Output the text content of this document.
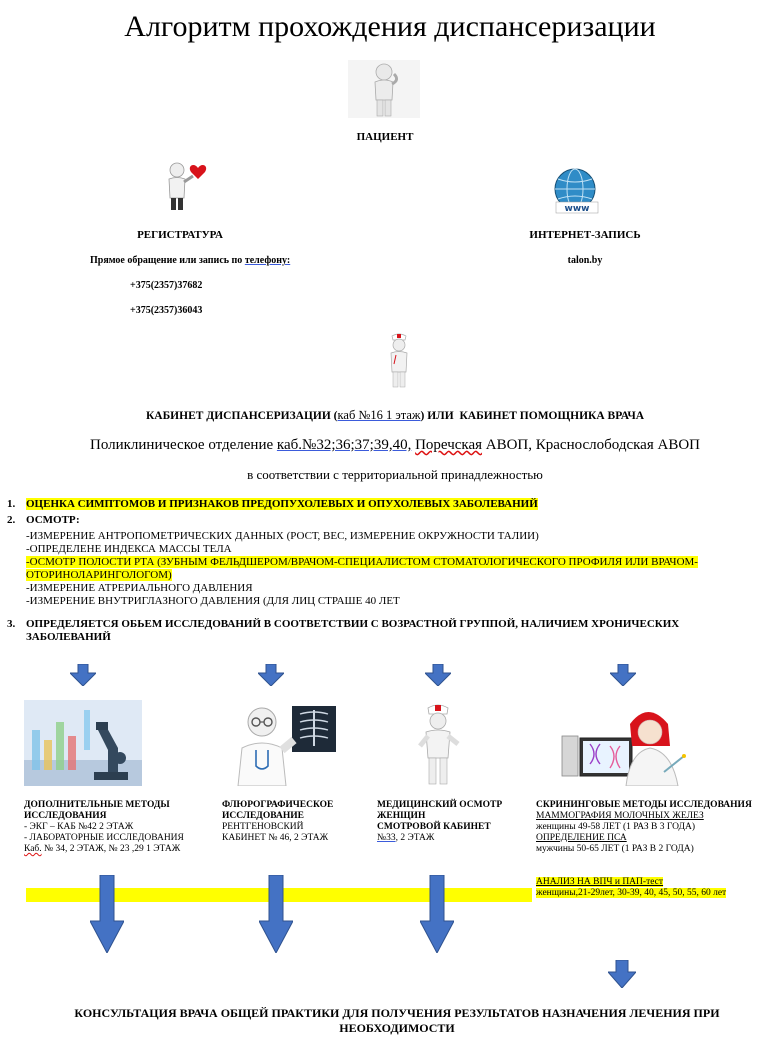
Алгоритм прохождения диспансеризации
ПАЦИЕНТ
www
РЕГИСТРАТУРА	ИНТЕРНЕТ-ЗАПИСЬ
Прямое обращение или запись по телефону:	talon.by
+375(2357)37682
+375(2357)36043
КАБИНЕТ ДИСПАНСЕРИЗАЦИИ (каб №16 1 этаж) ИЛИ КАБИНЕТ ПОМОЩНИКА ВРАЧА
Поликлиническое отделение каб.№32;36;37;39,40, Поречская АВОП, Краснослободская АВОП
в соответствии с территориальной принадлежностью
1. ОЦЕНКА СИМПТОМОВ И ПРИЗНАКОВ ПРЕДОПУХОЛЕВЫХ И ОПУХОЛЕВЫХ ЗАБОЛЕВАНИЙ
2. ОСМОТР:
-ИЗМЕРЕНИЕ АНТРОПОМЕТРИЧЕСКИХ ДАННЫХ (РОСТ, ВЕС, ИЗМЕРЕНИЕ ОКРУЖНОСТИ ТАЛИИ)
-ОПРЕДЕЛЕНЕ ИНДЕКСА МАССЫ ТЕЛА
-ОСМОТР ПОЛОСТИ РТА (ЗУБНЫМ ФЕЛЬДШЕРОМ/ВРАЧОМ-СПЕЦИАЛИСТОМ СТОМАТОЛОГИЧЕСКОГО ПРОФИЛЯ ИЛИ ВРАЧОМ-ОТОРИНОЛАРИНГОЛОГОМ)
-ИЗМЕРЕНИЕ АТРЕРИАЛЬНОГО ДАВЛЕНИЯ
-ИЗМЕРЕНИЕ ВНУТРИГЛАЗНОГО ДАВЛЕНИЯ (ДЛЯ ЛИЦ СТРАШЕ 40 ЛЕТ
3. ОПРЕДЕЛЯЕТСЯ ОБЬЕМ ИССЛЕДОВАНИЙ В СООТВЕТСТВИИ С ВОЗРАСТНОЙ ГРУППОЙ, НАЛИЧИЕМ ХРОНИЧЕСКИХ ЗАБОЛЕВАНИЙ
ДОПОЛНИТЕЛЬНЫЕ МЕТОДЫ ИССЛЕДОВАНИЯ
- ЭКГ – КАБ №42 2 ЭТАЖ
- ЛАБОРАТОРНЫЕ ИССЛЕДОВАНИЯ
Каб. № 34, 2 ЭТАЖ, № 23 ,29 1 ЭТАЖ
ФЛЮРОГРАФИЧЕСКОЕ ИССЛЕДОВАНИЕ
РЕНТГЕНОВСКИЙ
КАБИНЕТ № 46, 2 ЭТАЖ
МЕДИЦИНСКИЙ ОСМОТР ЖЕНЩИН
СМОТРОВОЙ КАБИНЕТ
№33, 2 ЭТАЖ
СКРИНИНГОВЫЕ МЕТОДЫ ИССЛЕДОВАНИЯ
МАММОГРАФИЯ МОЛОЧНЫХ ЖЕЛЕЗ
женщины 49-58 ЛЕТ (1 РАЗ В 3 ГОДА)
ОПРЕДЕЛЕНИЕ ПСА
мужчины 50-65 ЛЕТ (1 РАЗ В 2 ГОДА)
АНАЛИЗ НА ВПЧ и ПАП-тест
женщины,21-29лет, 30-39, 40, 45, 50, 55, 60 лет
КОНСУЛЬТАЦИЯ ВРАЧА ОБЩЕЙ ПРАКТИКИ ДЛЯ ПОЛУЧЕНИЯ РЕЗУЛЬТАТОВ НАЗНАЧЕНИЯ ЛЕЧЕНИЯ ПРИ НЕОБХОДИМОСТИ
